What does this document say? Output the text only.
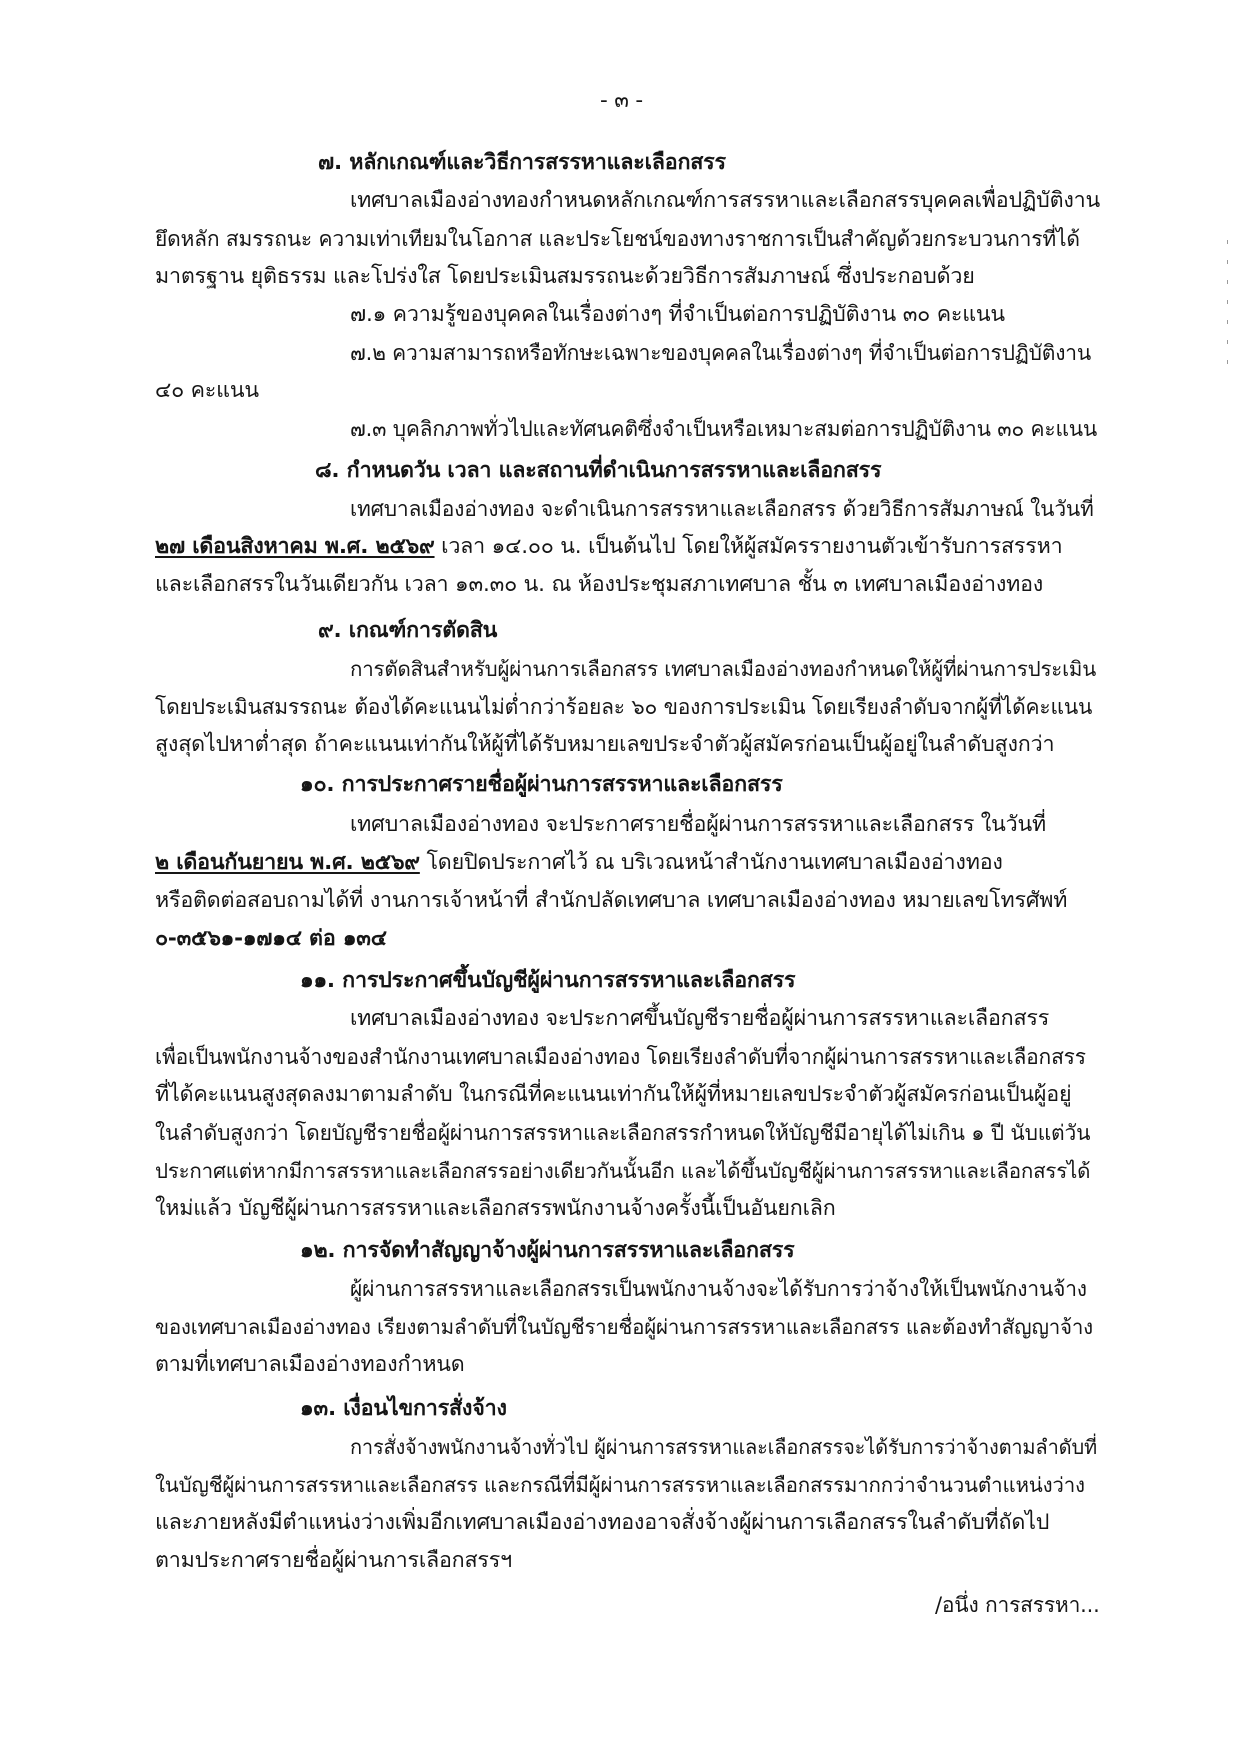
- ๓ -

๗. หลักเกณฑ์และวิธีการสรรหาและเลือกสรร

เทศบาลเมืองอ่างทองกำหนดหลักเกณฑ์การสรรหาและเลือกสรรบุคคลเพื่อปฏิบัติงาน

ยึดหลัก สมรรถนะ ความเท่าเทียมในโอกาส และประโยชน์ของทางราชการเป็นสำคัญด้วยกระบวนการที่ได้

มาตรฐาน ยุติธรรม และโปร่งใส โดยประเมินสมรรถนะด้วยวิธีการสัมภาษณ์ ซึ่งประกอบด้วย

๗.๑ ความรู้ของบุคคลในเรื่องต่างๆ ที่จำเป็นต่อการปฏิบัติงาน ๓๐ คะแนน

๗.๒ ความสามารถหรือทักษะเฉพาะของบุคคลในเรื่องต่างๆ ที่จำเป็นต่อการปฏิบัติงาน

๔๐ คะแนน

๗.๓ บุคลิกภาพทั่วไปและทัศนคติซึ่งจำเป็นหรือเหมาะสมต่อการปฏิบัติงาน ๓๐ คะแนน

๘. กำหนดวัน เวลา และสถานที่ดำเนินการสรรหาและเลือกสรร

เทศบาลเมืองอ่างทอง จะดำเนินการสรรหาและเลือกสรร ด้วยวิธีการสัมภาษณ์ ในวันที่

๒๗ เดือนสิงหาคม พ.ศ. ๒๕๖๙ เวลา ๑๔.๐๐ น. เป็นต้นไป โดยให้ผู้สมัครรายงานตัวเข้ารับการสรรหา

และเลือกสรรในวันเดียวกัน เวลา ๑๓.๓๐ น. ณ ห้องประชุมสภาเทศบาล ชั้น ๓ เทศบาลเมืองอ่างทอง

๙. เกณฑ์การตัดสิน

การตัดสินสำหรับผู้ผ่านการเลือกสรร เทศบาลเมืองอ่างทองกำหนดให้ผู้ที่ผ่านการประเมิน

โดยประเมินสมรรถนะ ต้องได้คะแนนไม่ต่ำกว่าร้อยละ ๖๐ ของการประเมิน โดยเรียงลำดับจากผู้ที่ได้คะแนน

สูงสุดไปหาต่ำสุด ถ้าคะแนนเท่ากันให้ผู้ที่ได้รับหมายเลขประจำตัวผู้สมัครก่อนเป็นผู้อยู่ในลำดับสูงกว่า

๑๐. การประกาศรายชื่อผู้ผ่านการสรรหาและเลือกสรร

เทศบาลเมืองอ่างทอง จะประกาศรายชื่อผู้ผ่านการสรรหาและเลือกสรร ในวันที่

๒ เดือนกันยายน พ.ศ. ๒๕๖๙ โดยปิดประกาศไว้ ณ บริเวณหน้าสำนักงานเทศบาลเมืองอ่างทอง

หรือติดต่อสอบถามได้ที่ งานการเจ้าหน้าที่ สำนักปลัดเทศบาล เทศบาลเมืองอ่างทอง หมายเลขโทรศัพท์

๐-๓๕๖๑-๑๗๑๔ ต่อ ๑๓๔

๑๑. การประกาศขึ้นบัญชีผู้ผ่านการสรรหาและเลือกสรร

เทศบาลเมืองอ่างทอง จะประกาศขึ้นบัญชีรายชื่อผู้ผ่านการสรรหาและเลือกสรร

เพื่อเป็นพนักงานจ้างของสำนักงานเทศบาลเมืองอ่างทอง โดยเรียงลำดับที่จากผู้ผ่านการสรรหาและเลือกสรร

ที่ได้คะแนนสูงสุดลงมาตามลำดับ ในกรณีที่คะแนนเท่ากันให้ผู้ที่หมายเลขประจำตัวผู้สมัครก่อนเป็นผู้อยู่

ในลำดับสูงกว่า โดยบัญชีรายชื่อผู้ผ่านการสรรหาและเลือกสรรกำหนดให้บัญชีมีอายุได้ไม่เกิน ๑ ปี นับแต่วัน

ประกาศแต่หากมีการสรรหาและเลือกสรรอย่างเดียวกันนั้นอีก และได้ขึ้นบัญชีผู้ผ่านการสรรหาและเลือกสรรได้

ใหม่แล้ว บัญชีผู้ผ่านการสรรหาและเลือกสรรพนักงานจ้างครั้งนี้เป็นอันยกเลิก

๑๒. การจัดทำสัญญาจ้างผู้ผ่านการสรรหาและเลือกสรร

ผู้ผ่านการสรรหาและเลือกสรรเป็นพนักงานจ้างจะได้รับการว่าจ้างให้เป็นพนักงานจ้าง

ของเทศบาลเมืองอ่างทอง เรียงตามลำดับที่ในบัญชีรายชื่อผู้ผ่านการสรรหาและเลือกสรร และต้องทำสัญญาจ้าง

ตามที่เทศบาลเมืองอ่างทองกำหนด

๑๓. เงื่อนไขการสั่งจ้าง

การสั่งจ้างพนักงานจ้างทั่วไป ผู้ผ่านการสรรหาและเลือกสรรจะได้รับการว่าจ้างตามลำดับที่

ในบัญชีผู้ผ่านการสรรหาและเลือกสรร และกรณีที่มีผู้ผ่านการสรรหาและเลือกสรรมากกว่าจำนวนตำแหน่งว่าง

และภายหลังมีตำแหน่งว่างเพิ่มอีกเทศบาลเมืองอ่างทองอาจสั่งจ้างผู้ผ่านการเลือกสรรในลำดับที่ถัดไป

ตามประกาศรายชื่อผู้ผ่านการเลือกสรรฯ

/อนึ่ง การสรรหา...
